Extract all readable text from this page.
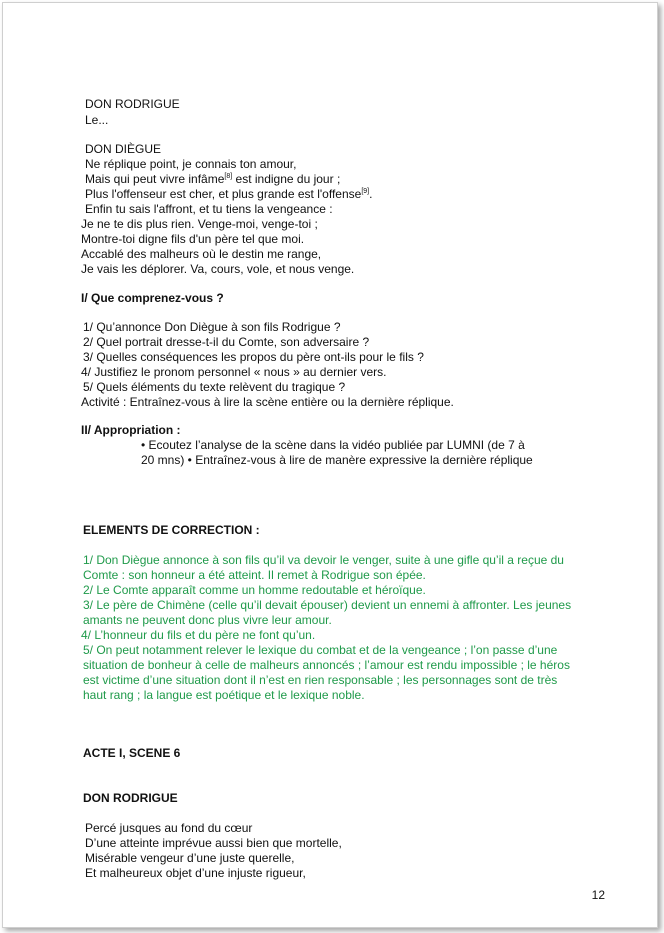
DON RODRIGUE
Le...
DON DIÈGUE
Ne réplique point, je connais ton amour,
Mais qui peut vivre infâme[8] est indigne du jour ;
Plus l'offenseur est cher, et plus grande est l'offense[9].
Enfin tu sais l'affront, et tu tiens la vengeance :
Je ne te dis plus rien. Venge-moi, venge-toi ;
Montre-toi digne fils d'un père tel que moi.
Accablé des malheurs où le destin me range,
Je vais les déplorer. Va, cours, vole, et nous venge.
I/ Que comprenez-vous ?
1/ Qu’annonce Don Diègue à son fils Rodrigue ?
2/ Quel portrait dresse-t-il du Comte, son adversaire ?
3/ Quelles conséquences les propos du père ont-ils pour le fils ?
4/ Justifiez le pronom personnel « nous » au dernier vers.
5/ Quels éléments du texte relèvent du tragique ?
Activité : Entraînez-vous à lire la scène entière ou la dernière réplique.
II/ Appropriation :
• Ecoutez l’analyse de la scène dans la vidéo publiée par LUMNI (de 7 à
20 mns) • Entraînez-vous à lire de manère expressive la dernière réplique
ELEMENTS DE CORRECTION :
1/ Don Diègue annonce à son fils qu’il va devoir le venger, suite à une gifle qu’il a reçue du
Comte : son honneur a été atteint. Il remet à Rodrigue son épée.
2/ Le Comte apparaît comme un homme redoutable et héroïque.
3/ Le père de Chimène (celle qu’il devait épouser) devient un ennemi à affronter. Les jeunes
amants ne peuvent donc plus vivre leur amour.
4/ L’honneur du fils et du père ne font qu’un.
5/ On peut notamment relever le lexique du combat et de la vengeance ; l’on passe d’une
situation de bonheur à celle de malheurs annoncés ; l’amour est rendu impossible ; le héros
est victime d’une situation dont il n’est en rien responsable ; les personnages sont de très
haut rang ; la langue est poétique et le lexique noble.
ACTE I, SCENE 6
DON RODRIGUE
Percé jusques au fond du cœur
D’une atteinte imprévue aussi bien que mortelle,
Misérable vengeur d’une juste querelle,
Et malheureux objet d’une injuste rigueur,
12
